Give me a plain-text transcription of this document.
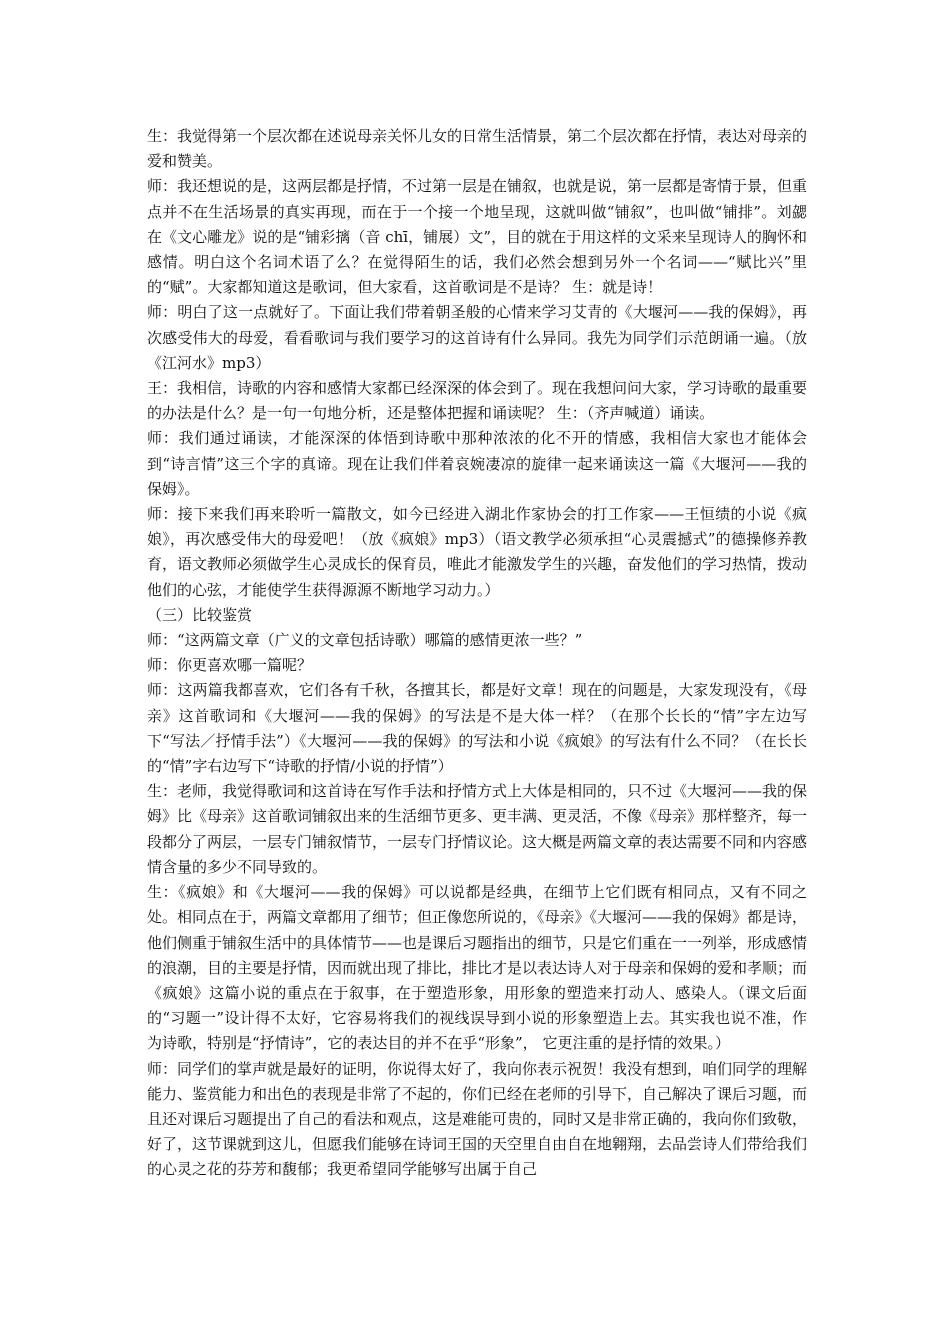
生：我觉得第一个层次都在述说母亲关怀儿女的日常生活情景，第二个层次都在抒情，表达对母亲的爱和赞美。

师：我还想说的是，这两层都是抒情，不过第一层是在铺叙，也就是说，第一层都是寄情于景，但重点并不在生活场景的真实再现，而在于一个接一个地呈现，这就叫做“铺叙”，也叫做“铺排”。刘勰在《文心雕龙》说的是“铺彩摛（音 chī，铺展）文”，目的就在于用这样的文采来呈现诗人的胸怀和感情。明白这个名词术语了么？在觉得陌生的话，我们必然会想到另外一个名词——“赋比兴”里的“赋”。大家都知道这是歌词，但大家看，这首歌词是不是诗？ 生：就是诗！

师：明白了这一点就好了。下面让我们带着朝圣般的心情来学习艾青的《大堰河——我的保姆》，再次感受伟大的母爱，看看歌词与我们要学习的这首诗有什么异同。我先为同学们示范朗诵一遍。（放《江河水》mp3）

王：我相信，诗歌的内容和感情大家都已经深深的体会到了。现在我想问问大家，学习诗歌的最重要的办法是什么？是一句一句地分析，还是整体把握和诵读呢？ 生：（齐声喊道）诵读。

师：我们通过诵读，才能深深的体悟到诗歌中那种浓浓的化不开的情感，我相信大家也才能体会到“诗言情”这三个字的真谛。现在让我们伴着哀婉凄凉的旋律一起来诵读这一篇《大堰河——我的保姆》。

师：接下来我们再来聆听一篇散文，如今已经进入湖北作家协会的打工作家——王恒绩的小说《疯娘》，再次感受伟大的母爱吧！（放《疯娘》mp3）（语文教学必须承担“心灵震撼式”的德操修养教育，语文教师必须做学生心灵成长的保育员，唯此才能激发学生的兴趣，奋发他们的学习热情，拨动他们的心弦，才能使学生获得源源不断地学习动力。）

（三）比较鉴赏

师：“这两篇文章（广义的文章包括诗歌）哪篇的感情更浓一些？”

师：你更喜欢哪一篇呢？

师：这两篇我都喜欢，它们各有千秋，各擅其长，都是好文章！现在的问题是，大家发现没有，《母亲》这首歌词和《大堰河——我的保姆》的写法是不是大体一样？（在那个长长的“情”字左边写下“写法／抒情手法”）《大堰河——我的保姆》的写法和小说《疯娘》的写法有什么不同？（在长长的“情”字右边写下“诗歌的抒情/小说的抒情”）

生：老师，我觉得歌词和这首诗在写作手法和抒情方式上大体是相同的，只不过《大堰河——我的保姆》比《母亲》这首歌词铺叙出来的生活细节更多、更丰满、更灵活，不像《母亲》那样整齐，每一段都分了两层，一层专门铺叙情节，一层专门抒情议论。这大概是两篇文章的表达需要不同和内容感情含量的多少不同导致的。

生：《疯娘》和《大堰河——我的保姆》可以说都是经典，在细节上它们既有相同点，又有不同之处。相同点在于，两篇文章都用了细节；但正像您所说的，《母亲》《大堰河——我的保姆》都是诗，他们侧重于铺叙生活中的具体情节——也是课后习题指出的细节，只是它们重在一一列举，形成感情的浪潮，目的主要是抒情，因而就出现了排比，排比才是以表达诗人对于母亲和保姆的爱和孝顺；而《疯娘》这篇小说的重点在于叙事，在于塑造形象，用形象的塑造来打动人、感染人。（课文后面的“习题一”设计得不太好，它容易将我们的视线误导到小说的形象塑造上去。其实我也说不准，作为诗歌，特别是“抒情诗”，它的表达目的并不在乎“形象”， 它更注重的是抒情的效果。）

师：同学们的掌声就是最好的证明，你说得太好了，我向你表示祝贺！我没有想到，咱们同学的理解能力、鉴赏能力和出色的表现是非常了不起的，你们已经在老师的引导下，自己解决了课后习题，而且还对课后习题提出了自己的看法和观点，这是难能可贵的，同时又是非常正确的，我向你们致敬，好了，这节课就到这儿，但愿我们能够在诗词王国的天空里自由自在地翱翔，去品尝诗人们带给我们的心灵之花的芬芳和馥郁；我更希望同学能够写出属于自己
